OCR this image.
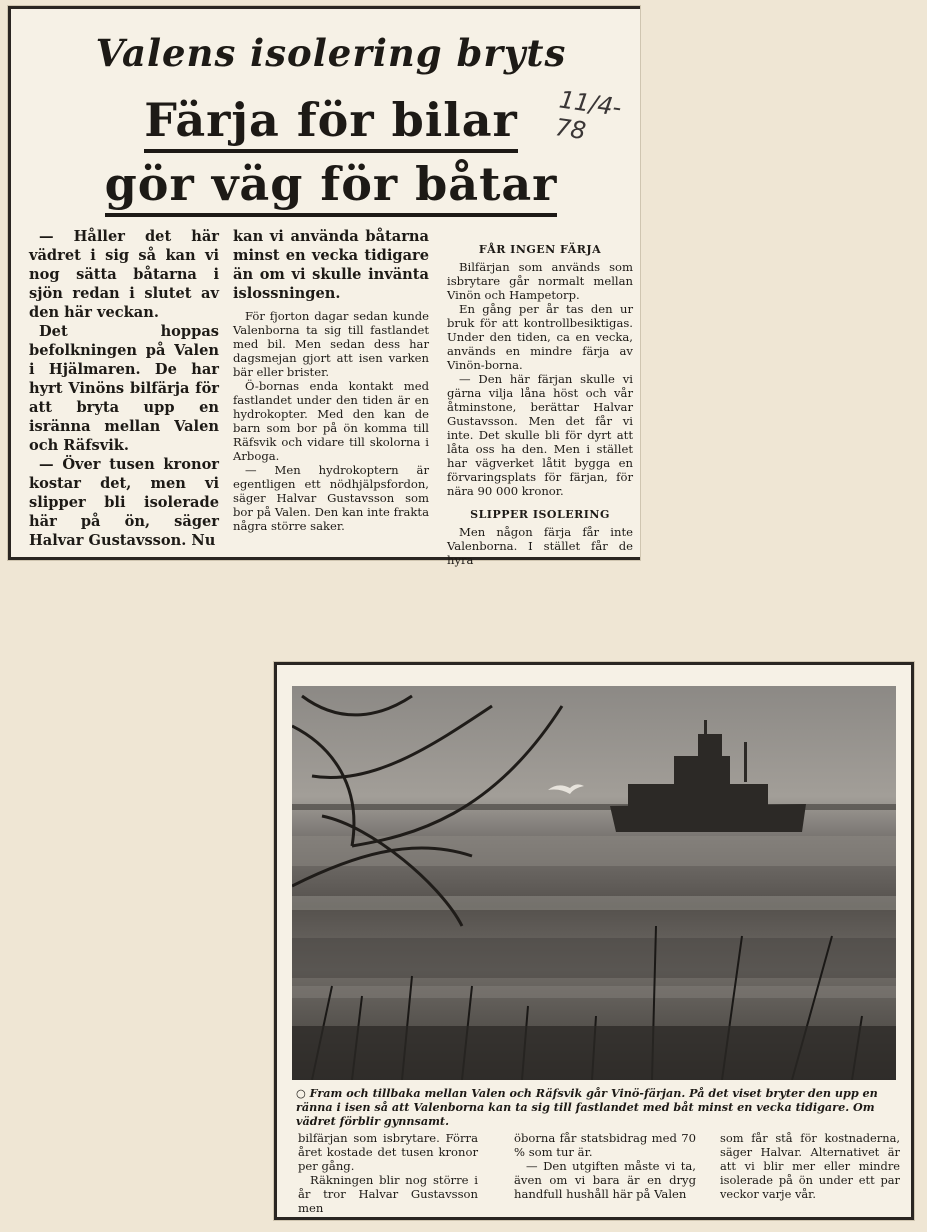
Valens isolering bryts
Färja för bilar
gör väg för båtar
11/4-78

— Håller det här vädret i sig så kan vi nog sätta båtarna i sjön redan i slutet av den här veckan.

Det hoppas befolkningen på Valen i Hjälmaren. De har hyrt Vinöns bilfärja för att bryta upp en isränna mellan Valen och Räfsvik.

— Över tusen kronor kostar det, men vi slipper bli isolerade här på ön, säger Halvar Gustavsson. Nu

kan vi använda båtarna minst en vecka tidigare än om vi skulle invänta islossningen.

För fjorton dagar sedan kunde Valenborna ta sig till fastlandet med bil. Men sedan dess har dagsmejan gjort att isen varken bär eller brister.

Ö-bornas enda kontakt med fastlandet under den tiden är en hydrokopter. Med den kan de barn som bor på ön komma till Räfsvik och vidare till skolorna i Arboga.

— Men hydrokoptern är egentligen ett nödhjälpsfordon, säger Halvar Gustavsson som bor på Valen. Den kan inte frakta några större saker.

FÅR INGEN FÄRJA

Bilfärjan som används som isbrytare går normalt mellan Vinön och Hampetorp.

En gång per år tas den ur bruk för att kontrollbesiktigas. Under den tiden, ca en vecka, används en mindre färja av Vinön-borna.

— Den här färjan skulle vi gärna vilja låna höst och vår åtminstone, berättar Halvar Gustavsson. Men det får vi inte. Det skulle bli för dyrt att låta oss ha den. Men i stället har vägverket låtit bygga en förvaringsplats för färjan, för nära 90 000 kronor.

SLIPPER ISOLERING

Men någon färja får inte Valenborna. I stället får de hyra

○ Fram och tillbaka mellan Valen och Räfsvik går Vinö-färjan. På det viset bryter den upp en ränna i isen så att Valenborna kan ta sig till fastlandet med båt minst en vecka tidigare. Om vädret förblir gynnsamt.

bilfärjan som isbrytare. Förra året kostade det tusen kronor per gång.

Räkningen blir nog större i år tror Halvar Gustavsson men

öborna får statsbidrag med 70 % som tur är.

— Den utgiften måste vi ta, även om vi bara är en dryg handfull hushåll här på Valen

som får stå för kostnaderna, säger Halvar. Alternativet är att vi blir mer eller mindre isolerade på ön under ett par veckor varje vår.
